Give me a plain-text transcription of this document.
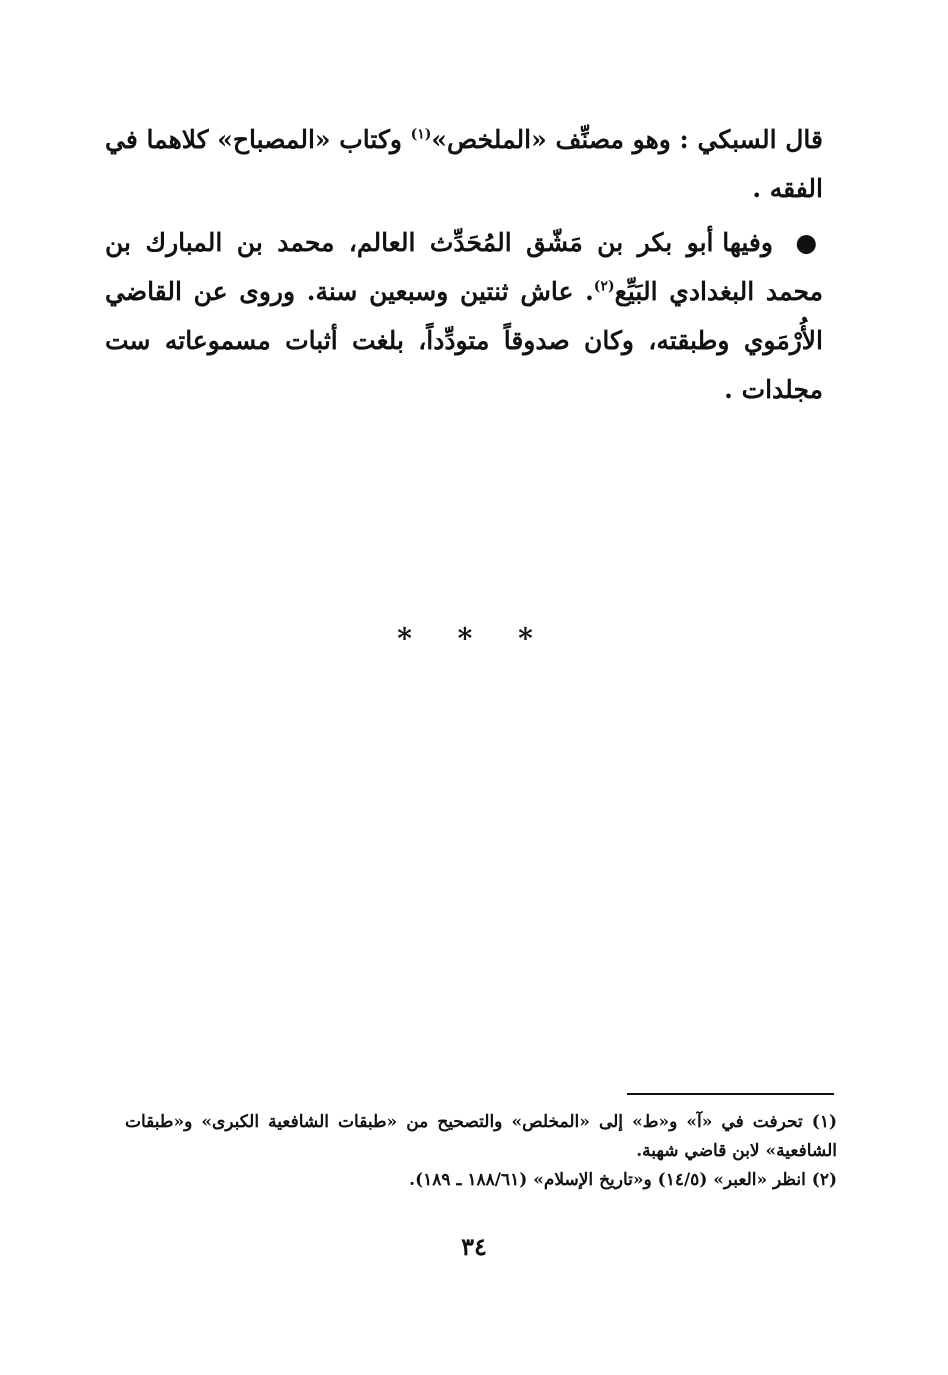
قال السبكي : وهو مصنِّف «الملخص»$^{(١)}$ وكتاب «المصباح» كلاهما في الفقه .

● وفيها أبو بكر بن مَشّق المُحَدِّث العالم، محمد بن المبارك بن محمد البغدادي البَيِّع$^{(٢)}$. عاش ثنتين وسبعين سنة. وروى عن القاضي الأُرْمَوي وطبقته، وكان صدوقاً متودِّداً، بلغت أثبات مسموعاته ست مجلدات .

* * *

(١) تحرفت في «آ» و«ط» إلى «المخلص» والتصحيح من «طبقات الشافعية الكبرى» و«طبقات الشافعية» لابن قاضي شهبة.

(٢) انظر «العبر» (١٤/٥) و«تاريخ الإسلام» (١٨٨/٦١ ـ ١٨٩).

٣٤
